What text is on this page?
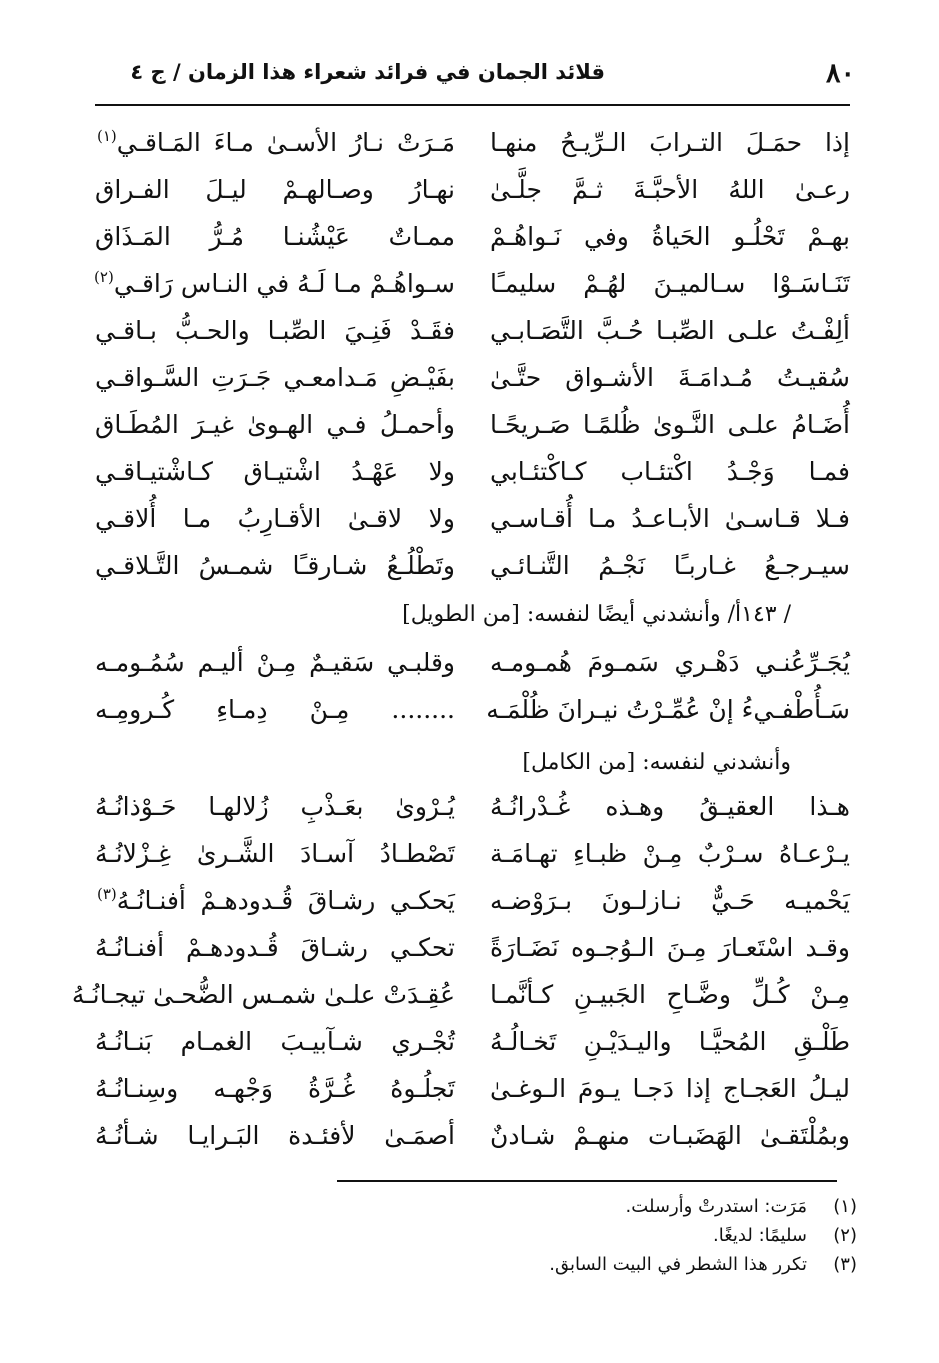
٨٠
قلائد الجمان في فرائد شعراء هذا الزمان / ج ٤
إذا حمَـلَ التـرابَ الـرِّيـحُ منهـا
مَـرَتْ نـارُ الأسـىٰ مـاءَ المَـاقـي$^{(١)}$
رعـىٰ اللهُ الأحبَّـةَ ثـمَّ جلَّـىٰ
نهـارُ وصـالهـمْ ليـلَ الفـراق
بهـمْ تَحْلُـو الحَياةُ وفي نَـواهُـمْ
ممـاتٌ عَيْشُنـا مُـرُّ المَـذَاق
تَنَـاسَـوْا سـالميـنَ لهُـمْ سليمـًا
سـواهُـمْ مـا لَـهُ في النـاس رَاقـي$^{(٢)}$
ألِفْـتُ علـى الصِّبـا حُـبَّ التَّصَـابـي
فقَـدْ فَنِـيَ الصِّبـا والحـبُّ بـاقـي
سُقيـتُ مُـدامَـةَ الأشـواق حتَّـىٰ
بفَيْـضِ مَـدامعـي جَـرَتِ السَّـواقـي
أُضَـامُ علـى النَّـوىٰ ظُلمًـا صَـريحًـا
وأحمـلُ فـي الهـوىٰ غيـرَ المُطَـاق
فمـا وَجْـدُ اكْتئـاب كـاكْتئـابي
ولا عَهْـدُ اشْتيـاق كـاشْتيـاقـي
فـلا قـاسـىٰ الأبـاعـدُ مـا أُقـاسـي
ولا لاقـىٰ الأقـارِبُ مـا أُلاقـي
سيـرجـعُ غـاربـًا نَجْـمُ التَّنـائـي
وتَطْلُـعُ شـارقـًا شمـسُ التَّـلاقـي
/ ١٤٣أ/ وأنشدني أيضًا لنفسه: [من الطويل]
يُجَـرِّعُنـي دَهْـري سَمـومَ هُمـومـه
وقلبـي سَقيـمٌ مِـنْ أليـم سُمُـومـه
سَـأُطْفـيءُ إنْ عُمِّـرْتُ نيـرانَ ظُلْمَـه
........ مِـنْ دِمـاءِ كُـرومِـه
وأنشدني لنفسه: [من الكامل]
هـذا العقيـقُ وهـذه غُـدْرانُـهُ
يُـرْوىٰ بعَـذْبِ زُلالهـا حَـوْذانُـهُ
يـرْعـاهُ سـرْبٌ مِـنْ ظبـاءِ تهـامَـة
تَصْطـادُ آسـادَ الشَّـرىٰ غِـزْلانُـهُ
يَحْميـه حَـيٌّ نـازلـونَ بـرَوْضـه
يَحكـي رشـاقَ قُـدودهـمْ أفنـانُـهُ$^{(٣)}$
وقـد اسْتَعـارَ مِـنَ الـوُجـوه نَضَـارَةً
تحكـي رشـاقَ قُـدودهـمْ أفنـانُـهُ
مِـنْ كُـلِّ وضَّـاحِ الجَبيـنِ كـأنَّمـا
عُقِـدَتْ علـىٰ شمـس الضُّحـىٰ تيجـانُـهُ
طَلْـقِ المُحيَّـا واليـدَيْـنِ تَخـالُـهُ
تُجْـري شـآبيـبَ الغمـام بَنـانُـهُ
ليـلُ العَجـاج إذا دَجـا يـومَ الـوغـىٰ
تَجلُـوهُ غُـرَّةُ وَجْهـه وسِنـانُـهُ
وبمُلْتَقـىٰ الهَضَبـات منهـمْ شـادنٌ
أصمَـىٰ لأفئـدة البَـرايـا شـأنُـهُ
(١)مَرَت: استدرتْ وأرسلت.
(٢)سليمًا: لديغًا.
(٣)تكرر هذا الشطر في البيت السابق.
